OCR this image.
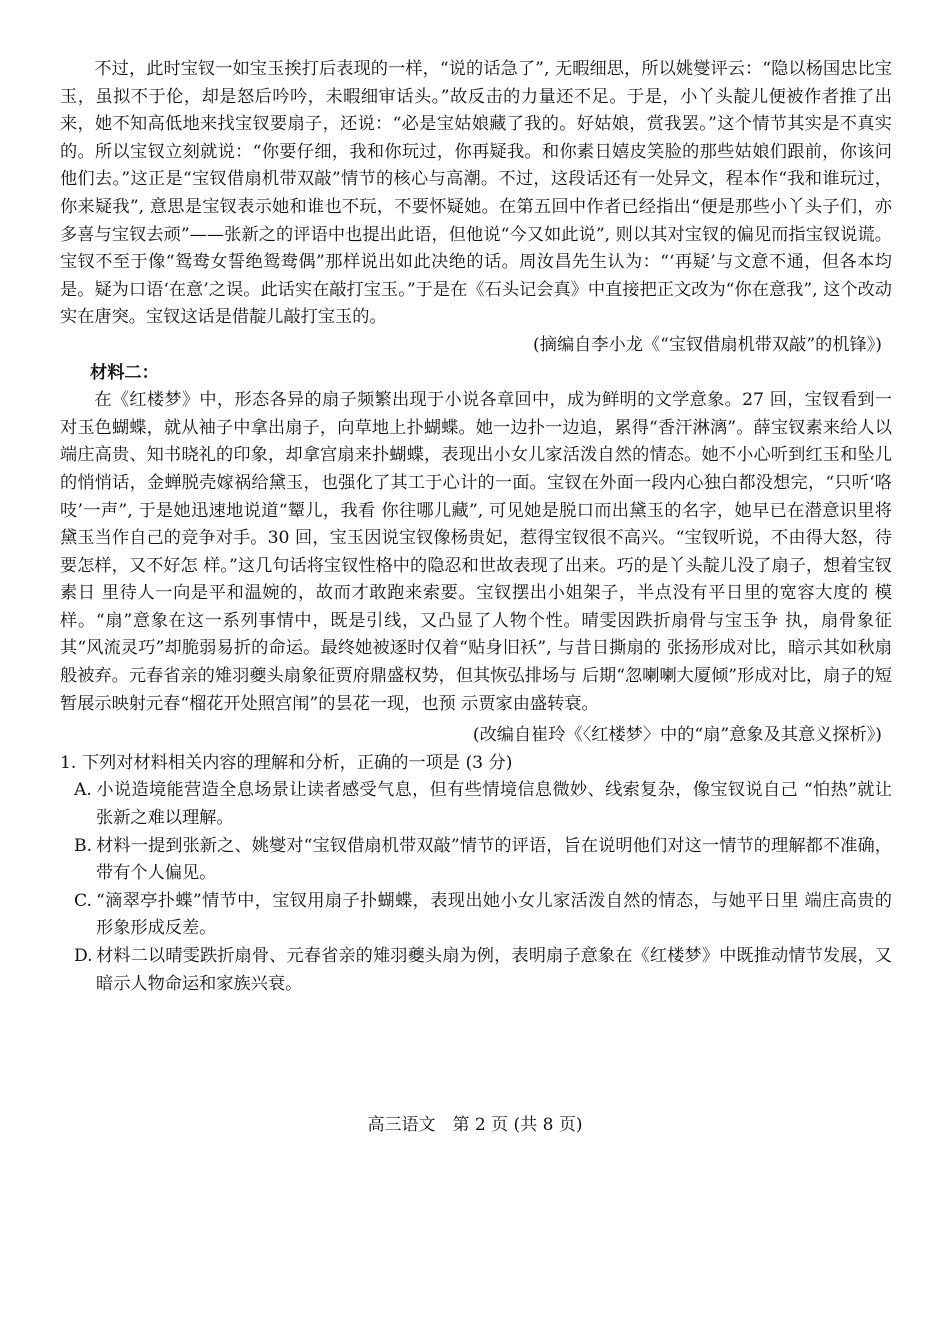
不过，此时宝钗一如宝玉挨打后表现的一样，“说的话急了”, 无暇细思，所以姚燮评云：“隐以杨国忠比宝玉，虽拟不于伦，却是怒后吟吟，未暇细审话头。”故反击的力量还不足。于是，小丫头靛儿便被作者推了出来，她不知高低地来找宝钗要扇子，还说：“必是宝姑娘藏了我的。好姑娘，赏我罢。”这个情节其实是不真实的。所以宝钗立刻就说：“你要仔细，我和你玩过，你再疑我。和你素日嬉皮笑脸的那些姑娘们跟前，你该问他们去。”这正是“宝钗借扇机带双敲”情节的核心与高潮。不过，这段话还有一处异文，程本作“我和谁玩过，你来疑我”, 意思是宝钗表示她和谁也不玩，不要怀疑她。在第五回中作者已经指出“便是那些小丫头子们，亦多喜与宝钗去顽”——张新之的评语中也提出此语，但他说“今又如此说”, 则以其对宝钗的偏见而指宝钗说谎。宝钗不至于像“鸳鸯女誓绝鸳鸯偶”那样说出如此决绝的话。周汝昌先生认为：“‘再疑’与文意不通，但各本均是。疑为口语‘在意’之误。此话实在敲打宝玉。”于是在《石头记会真》中直接把正文改为“你在意我”, 这个改动实在唐突。宝钗这话是借靛儿敲打宝玉的。

(摘编自李小龙《“宝钗借扇机带双敲”的机锋》)

材料二：

在《红楼梦》中，形态各异的扇子频繁出现于小说各章回中，成为鲜明的文学意象。27 回，宝钗看到一对玉色蝴蝶，就从袖子中拿出扇子，向草地上扑蝴蝶。她一边扑一边追，累得“香汗淋漓”。薛宝钗素来给人以端庄高贵、知书晓礼的印象，却拿宫扇来扑蝴蝶，表现出小女儿家活泼自然的情态。她不小心听到红玉和坠儿的悄悄话，金蝉脱壳嫁祸给黛玉，也强化了其工于心计的一面。宝钗在外面一段内心独白都没想完，“只听‘咯吱’一声”, 于是她迅速地说道“颦儿，我看 你往哪儿藏”, 可见她是脱口而出黛玉的名字，她早已在潜意识里将黛玉当作自己的竞争对手。30 回，宝玉因说宝钗像杨贵妃，惹得宝钗很不高兴。“宝钗听说，不由得大怒，待要怎样，又不好怎 样。”这几句话将宝钗性格中的隐忍和世故表现了出来。巧的是丫头靛儿没了扇子，想着宝钗素日 里待人一向是平和温婉的，故而才敢跑来索要。宝钗摆出小姐架子，半点没有平日里的宽容大度的 模样。“扇”意象在这一系列事情中，既是引线，又凸显了人物个性。晴雯因跌折扇骨与宝玉争 执，扇骨象征其“风流灵巧”却脆弱易折的命运。最终她被逐时仅着“贴身旧袄”, 与昔日撕扇的 张扬形成对比，暗示其如秋扇般被弃。元春省亲的雉羽夔头扇象征贾府鼎盛权势，但其恢弘排场与 后期“忽喇喇大厦倾”形成对比，扇子的短暂展示映射元春“榴花开处照宫闱”的昙花一现，也预 示贾家由盛转衰。

(改编自崔玲《〈红楼梦〉中的“扇”意象及其意义探析》)

1. 下列对材料相关内容的理解和分析，正确的一项是 (3 分)

A. 小说造境能营造全息场景让读者感受气息，但有些情境信息微妙、线索复杂，像宝钗说自己 “怕热”就让张新之难以理解。

B. 材料一提到张新之、姚燮对“宝钗借扇机带双敲”情节的评语，旨在说明他们对这一情节的理解都不准确，带有个人偏见。

C. “滴翠亭扑蝶”情节中，宝钗用扇子扑蝴蝶，表现出她小女儿家活泼自然的情态，与她平日里 端庄高贵的形象形成反差。

D. 材料二以晴雯跌折扇骨、元春省亲的雉羽夔头扇为例，表明扇子意象在《红楼梦》中既推动情节发展，又暗示人物命运和家族兴衰。

高三语文　第 2 页 (共 8 页)
